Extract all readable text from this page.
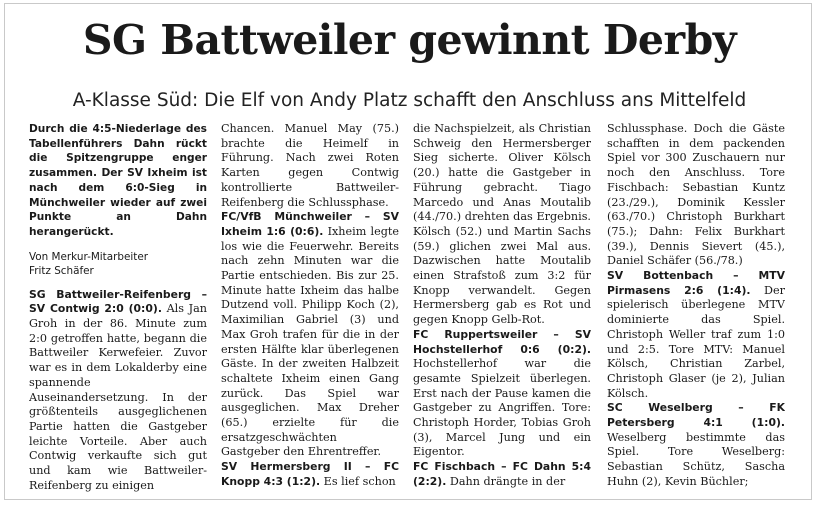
SG Battweiler gewinnt Derby
A-Klasse Süd: Die Elf von Andy Platz schafft den Anschluss ans Mittelfeld

Durch die 4:5-Niederlage des Tabellenführers Dahn rückt die Spitzengruppe enger zusammen. Der SV Ixheim ist nach dem 6:0-Sieg in Münchweiler wieder auf zwei Punkte an Dahn herangerückt.

Von Merkur-Mitarbeiter
Fritz Schäfer

SG Battweiler-Reifenberg – SV Contwig 2:0 (0:0). Als Jan Groh in der 86. Minute zum 2:0 getroffen hatte, begann die Battweiler Kerwefeier. Zuvor war es in dem Lokalderby eine spannende Auseinandersetzung. In der größtenteils ausgeglichenen Partie hatten die Gastgeber leichte Vorteile. Aber auch Contwig verkaufte sich gut und kam wie Battweiler-Reifenberg zu einigen

Chancen. Manuel May (75.) brachte die Heimelf in Führung. Nach zwei Roten Karten gegen Contwig kontrollierte Battweiler-Reifenberg die Schlussphase.

FC/VfB Münchweiler – SV Ixheim 1:6 (0:6). Ixheim legte los wie die Feuerwehr. Bereits nach zehn Minuten war die Partie entschieden. Bis zur 25. Minute hatte Ixheim das halbe Dutzend voll. Philipp Koch (2), Maximilian Gabriel (3) und Max Groh trafen für die in der ersten Hälfte klar überlegenen Gäste. In der zweiten Halbzeit schaltete Ixheim einen Gang zurück. Das Spiel war ausgeglichen. Max Dreher (65.) erzielte für die ersatzgeschwächten Gastgeber den Ehrentreffer.

SV Hermersberg II – FC Knopp 4:3 (1:2). Es lief schon

die Nachspielzeit, als Christian Schweig den Hermersberger Sieg sicherte. Oliver Kölsch (20.) hatte die Gastgeber in Führung gebracht. Tiago Marcedo und Anas Moutalib (44./70.) drehten das Ergebnis. Kölsch (52.) und Martin Sachs (59.) glichen zwei Mal aus. Dazwischen hatte Moutalib einen Strafstoß zum 3:2 für Knopp verwandelt. Gegen Hermersberg gab es Rot und gegen Knopp Gelb-Rot.

FC Ruppertsweiler – SV Hochstellerhof 0:6 (0:2). Hochstellerhof war die gesamte Spielzeit überlegen. Erst nach der Pause kamen die Gastgeber zu Angriffen. Tore: Christoph Horder, Tobias Groh (3), Marcel Jung und ein Eigentor.

FC Fischbach – FC Dahn 5:4 (2:2). Dahn drängte in der

Schlussphase. Doch die Gäste schafften in dem packenden Spiel vor 300 Zuschauern nur noch den Anschluss. Tore Fischbach: Sebastian Kuntz (23./29.), Dominik Kessler (63./70.) Christoph Burkhart (75.); Dahn: Felix Burkhart (39.), Dennis Sievert (45.), Daniel Schäfer (56./78.)

SV Bottenbach – MTV Pirmasens 2:6 (1:4). Der spielerisch überlegene MTV dominierte das Spiel. Christoph Weller traf zum 1:0 und 2:5. Tore MTV: Manuel Kölsch, Christian Zarbel, Christoph Glaser (je 2), Julian Kölsch.

SC Weselberg – FK Petersberg 4:1 (1:0). Weselberg bestimmte das Spiel. Tore Weselberg: Sebastian Schütz, Sascha Huhn (2), Kevin Büchler;
